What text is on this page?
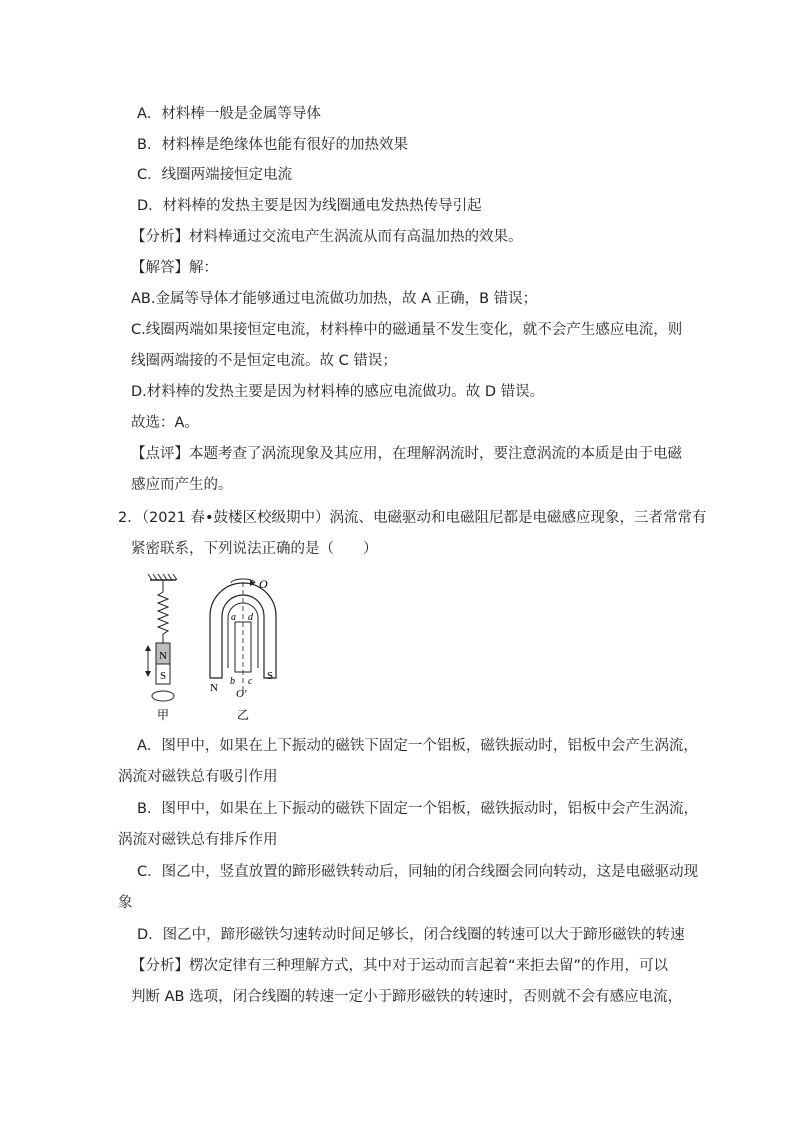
A．材料棒一般是金属等导体
B．材料棒是绝缘体也能有很好的加热效果
C．线圈两端接恒定电流
D．材料棒的发热主要是因为线圈通电发热热传导引起
【分析】材料棒通过交流电产生涡流从而有高温加热的效果。
【解答】解：
AB.金属等导体才能够通过电流做功加热，故 A 正确，B 错误；
C.线圈两端如果接恒定电流，材料棒中的磁通量不发生变化，就不会产生感应电流，则
线圈两端接的不是恒定电流。故 C 错误；
D.材料棒的发热主要是因为材料棒的感应电流做功。故 D 错误。
故选：A。
【点评】本题考查了涡流现象及其应用，在理解涡流时，要注意涡流的本质是由于电磁
感应而产生的。
2．（2021 春•鼓楼区校级期中）涡流、电磁驱动和电磁阻尼都是电磁感应现象，三者常常有
紧密联系，下列说法正确的是（　　）
N
S
甲
O
a d
b c
O′
N
S
乙
A．图甲中，如果在上下振动的磁铁下固定一个铝板，磁铁振动时，铝板中会产生涡流，
涡流对磁铁总有吸引作用
B．图甲中，如果在上下振动的磁铁下固定一个铝板，磁铁振动时，铝板中会产生涡流，
涡流对磁铁总有排斥作用
C．图乙中，竖直放置的蹄形磁铁转动后，同轴的闭合线圈会同向转动，这是电磁驱动现
象
D．图乙中，蹄形磁铁匀速转动时间足够长，闭合线圈的转速可以大于蹄形磁铁的转速
【分析】楞次定律有三种理解方式，其中对于运动而言起着“来拒去留”的作用，可以
判断 AB 选项，闭合线圈的转速一定小于蹄形磁铁的转速时，否则就不会有感应电流，
